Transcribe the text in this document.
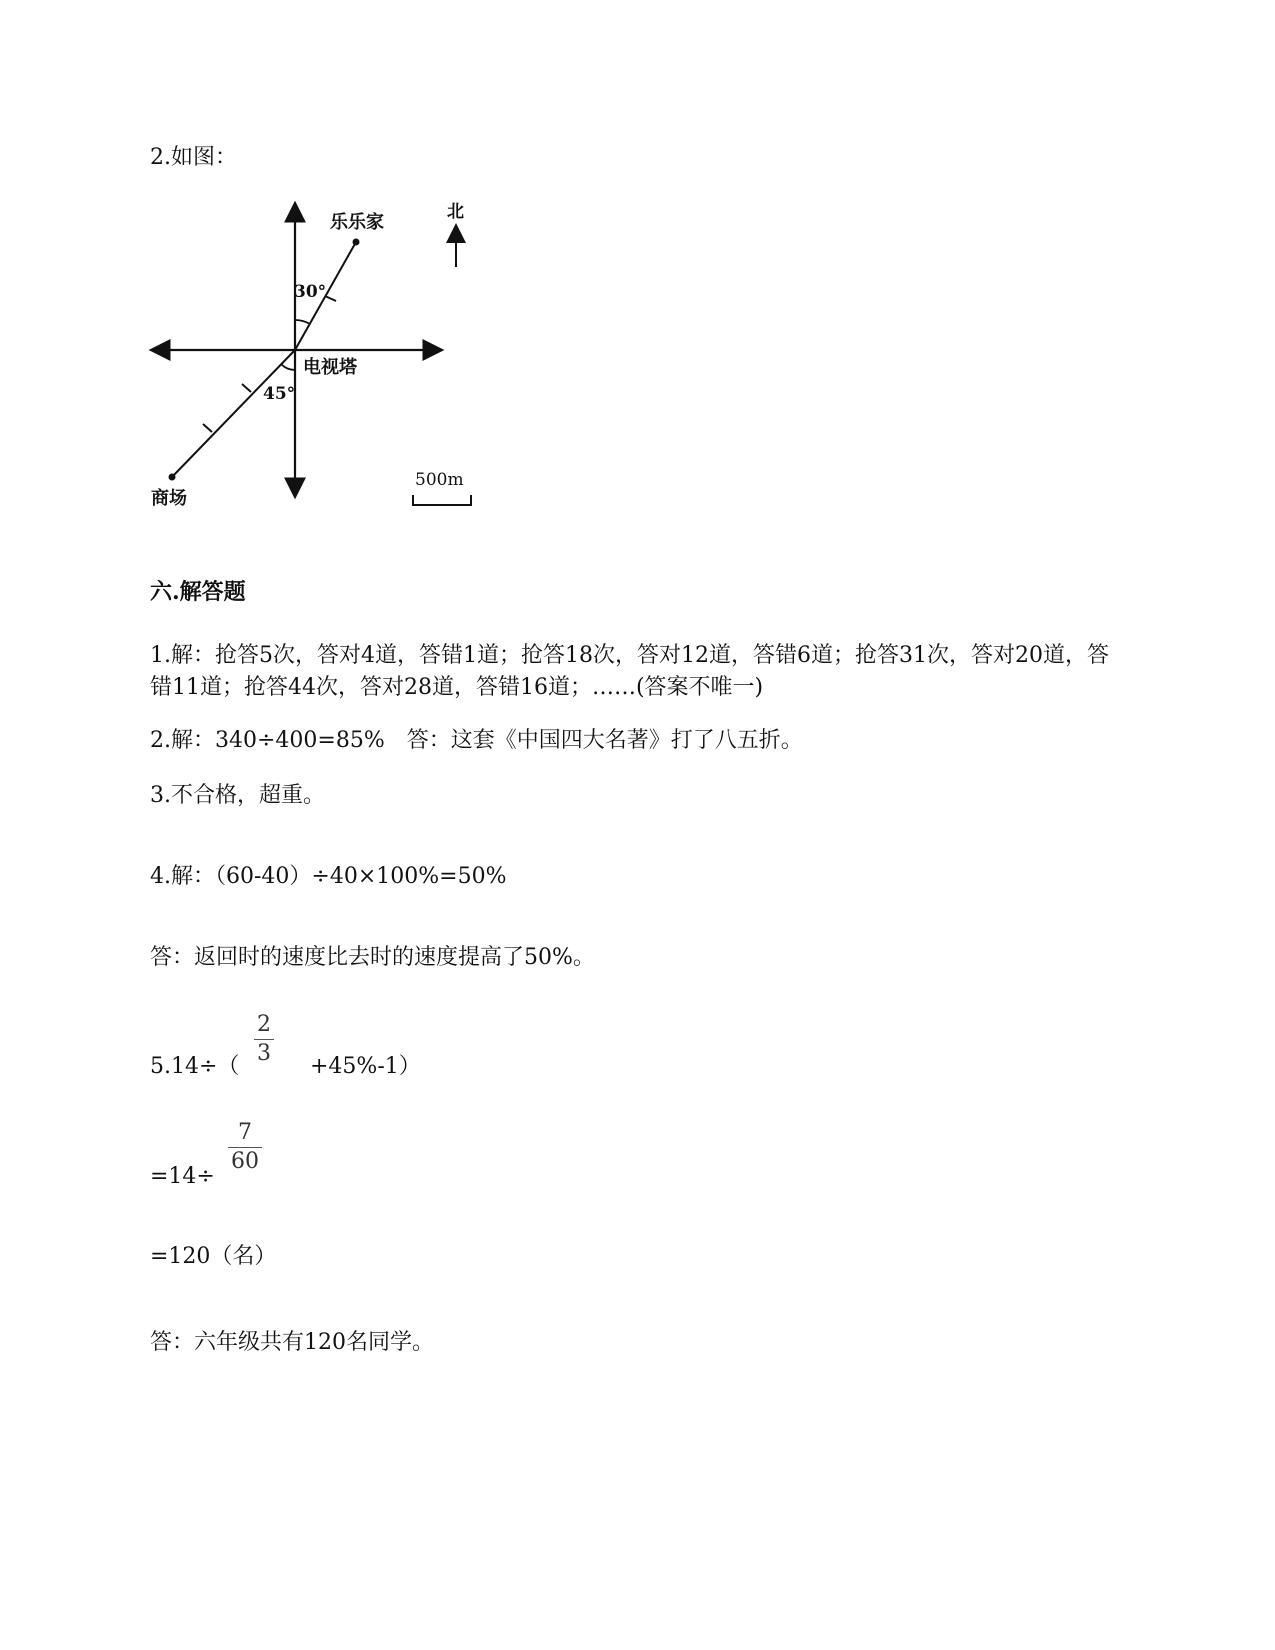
2.如图：
30°
45°
乐乐家
电视塔
商场
北
500m
六.解答题
1.解：抢答5次，答对4道，答错1道；抢答18次，答对12道，答错6道；抢答31次，答对20道，答错11道；抢答44次，答对28道，答错16道；……(答案不唯一)
2.解：340÷400=85%　答：这套《中国四大名著》打了八五折。
3.不合格，超重。
4.解：（60-40）÷40×100%=50%
答：返回时的速度比去时的速度提高了50%。
5.14÷（
2
3
+45%-1）
=14÷
7
60
=120（名）
答：六年级共有120名同学。
